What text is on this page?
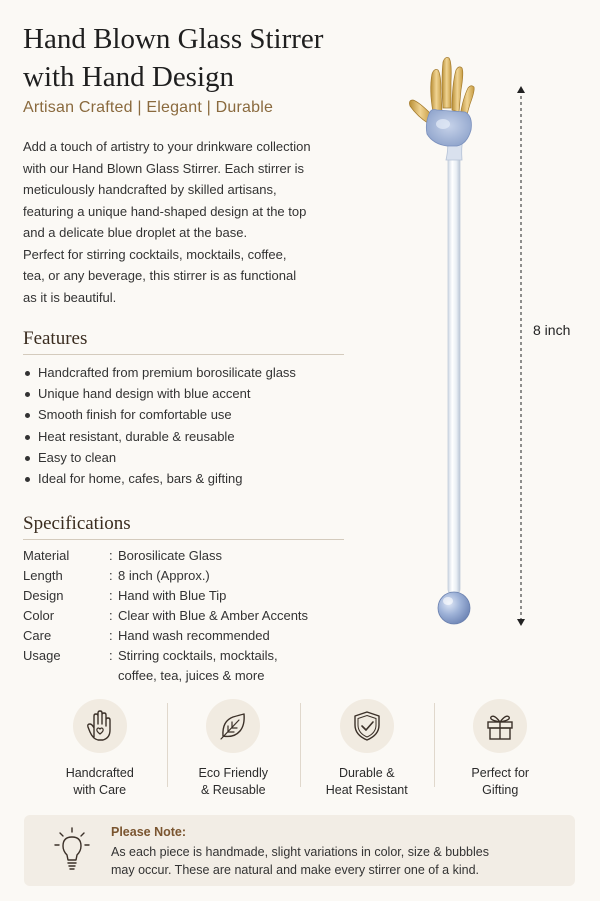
Hand Blown Glass Stirrer
with Hand Design
Artisan Crafted | Elegant | Durable

Add a touch of artistry to your drinkware collection

with our Hand Blown Glass Stirrer. Each stirrer is

meticulously handcrafted by skilled artisans,

featuring a unique hand-shaped design at the top

and a delicate blue droplet at the base.

Perfect for stirring cocktails, mocktails, coffee,

tea, or any beverage, this stirrer is as functional

as it is beautiful.

Features
Handcrafted from premium borosilicate glass
Unique hand design with blue accent
Smooth finish for comfortable use
Heat resistant, durable & reusable
Easy to clean
Ideal for home, cafes, bars & gifting
Specifications
Material	: Borosilicate Glass
Length	: 8 inch (Approx.)
Design	: Hand with Blue Tip
Color	: Clear with Blue & Amber Accents
Care	: Hand wash recommended
Usage	: Stirring cocktails, mocktails,
coffee, tea, juices & more
8 inch
Handcrafted
with Care
Eco Friendly
& Reusable
Durable &
Heat Resistant
Perfect for
Gifting
Please Note:
As each piece is handmade, slight variations in color, size & bubbles
may occur. These are natural and make every stirrer one of a kind.
